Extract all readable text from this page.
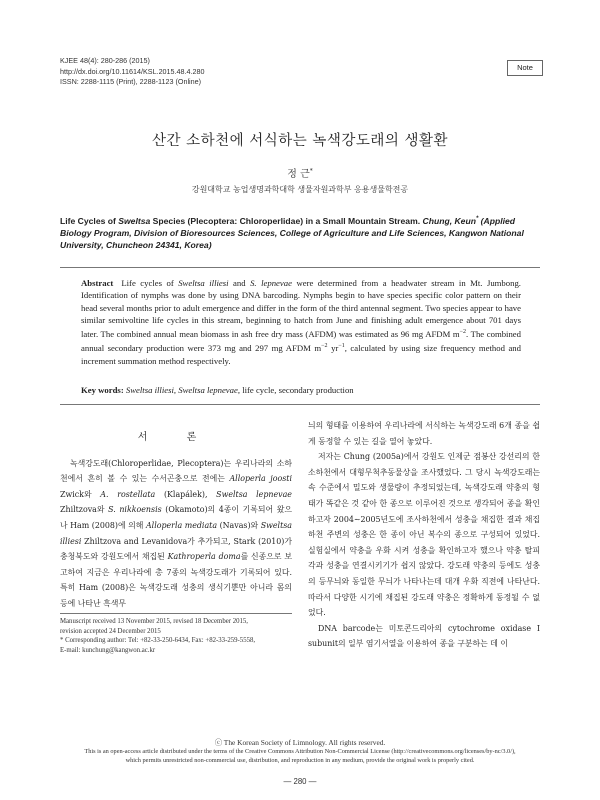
KJEE 48(4): 280-286 (2015)
http://dx.doi.org/10.11614/KSL.2015.48.4.280
ISSN: 2288-1115 (Print), 2288-1123 (Online)
Note
산간 소하천에 서식하는 녹색강도래의 생활환
정 근*
강원대학교 농업생명과학대학 생물자원과학부 응용생물학전공
Life Cycles of Sweltsa Species (Plecoptera: Chloroperlidae) in a Small Mountain Stream. Chung, Keun* (Applied Biology Program, Division of Bioresources Sciences, College of Agriculture and Life Sciences, Kangwon National University, Chuncheon 24341, Korea)
Abstract Life cycles of Sweltsa illiesi and S. lepnevae were determined from a headwater stream in Mt. Jumbong. Identification of nymphs was done by using DNA barcoding. Nymphs begin to have species specific color pattern on their head several months prior to adult emergence and differ in the form of the third antennal segment. Two species appear to have similar semivoltine life cycles in this stream, beginning to hatch from June and finishing adult emergence about 701 days later. The combined annual mean biomass in ash free dry mass (AFDM) was estimated as 96 mg AFDM $m^{-2}$. The combined annual secondary production were 373 mg and 297 mg AFDM $m^{-2}$ $yr^{-1}$, calculated by using size frequency method and increment summation method respectively.
Key words: Sweltsa illiesi, Sweltsa lepnevae, life cycle, secondary production
서 론

녹색강도래(Chloroperlidae, Plecoptera)는 우리나라의 소하천에서 흔히 볼 수 있는 수서곤충으로 전에는 Alloperla joosti Zwick와 A. rostellata (Klapálek), Sweltsa lepnevae Zhiltzova와 S. nikkoensis (Okamoto)의 4종이 기록되어 왔으나 Ham (2008)에 의해 Alloperla mediata (Navas)와 Sweltsa illiesi Zhiltzova and Levanidova가 추가되고, Stark (2010)가 충청북도와 강원도에서 채집된 Kathroperla doma를 신종으로 보고하여 지금은 우리나라에 총 7종의 녹색강도래가 기록되어 있다. 특히 Ham (2008)은 녹색강도래 성충의 생식기뿐만 아니라 몸의 등에 나타난 흑색무

Manuscript received 13 November 2015, revised 18 December 2015,
revision accepted 24 December 2015
* Corresponding author: Tel: +82-33-250-6434, Fax: +82-33-259-5558,
E-mail: kunchung@kangwon.ac.kr

늬의 형태를 이용하여 우리나라에 서식하는 녹색강도래 6개 종을 쉽게 동정할 수 있는 길을 열어 놓았다.

저자는 Chung (2005a)에서 강원도 인제군 점봉산 강선리의 한 소하천에서 대형무척추동물상을 조사했었다. 그 당시 녹색강도래는 속 수준에서 밀도와 생물량이 추정되었는데, 녹색강도래 약충의 형태가 똑같은 것 같아 한 종으로 이루어진 것으로 생각되어 종을 확인하고자 2004∼2005년도에 조사하천에서 성충을 채집한 결과 채집하천 주변의 성충은 한 종이 아닌 복수의 종으로 구성되어 있었다. 실험실에서 약충을 우화 시켜 성충을 확인하고자 했으나 약충 탈피각과 성충을 연결시키기가 쉽지 않았다. 강도래 약충의 등에도 성충의 등무늬와 동일한 무늬가 나타나는데 대개 우화 직전에 나타난다. 따라서 다양한 시기에 채집된 강도래 약충은 정확하게 동정될 수 없었다.

DNA barcode는 미토콘드리아의 cytochrome oxidase I subunit의 일부 염기서열을 이용하여 종을 구분하는 데 이

ⓒ The Korean Society of Limnology. All rights reserved.
This is an open-access article distributed under the terms of the Creative Commons Attribution Non-Commercial License (http://creativecommons.org/licenses/by-nc/3.0/),
which permits unrestricted non-commercial use, distribution, and reproduction in any medium, provide the original work is properly cited.
― 280 ―
